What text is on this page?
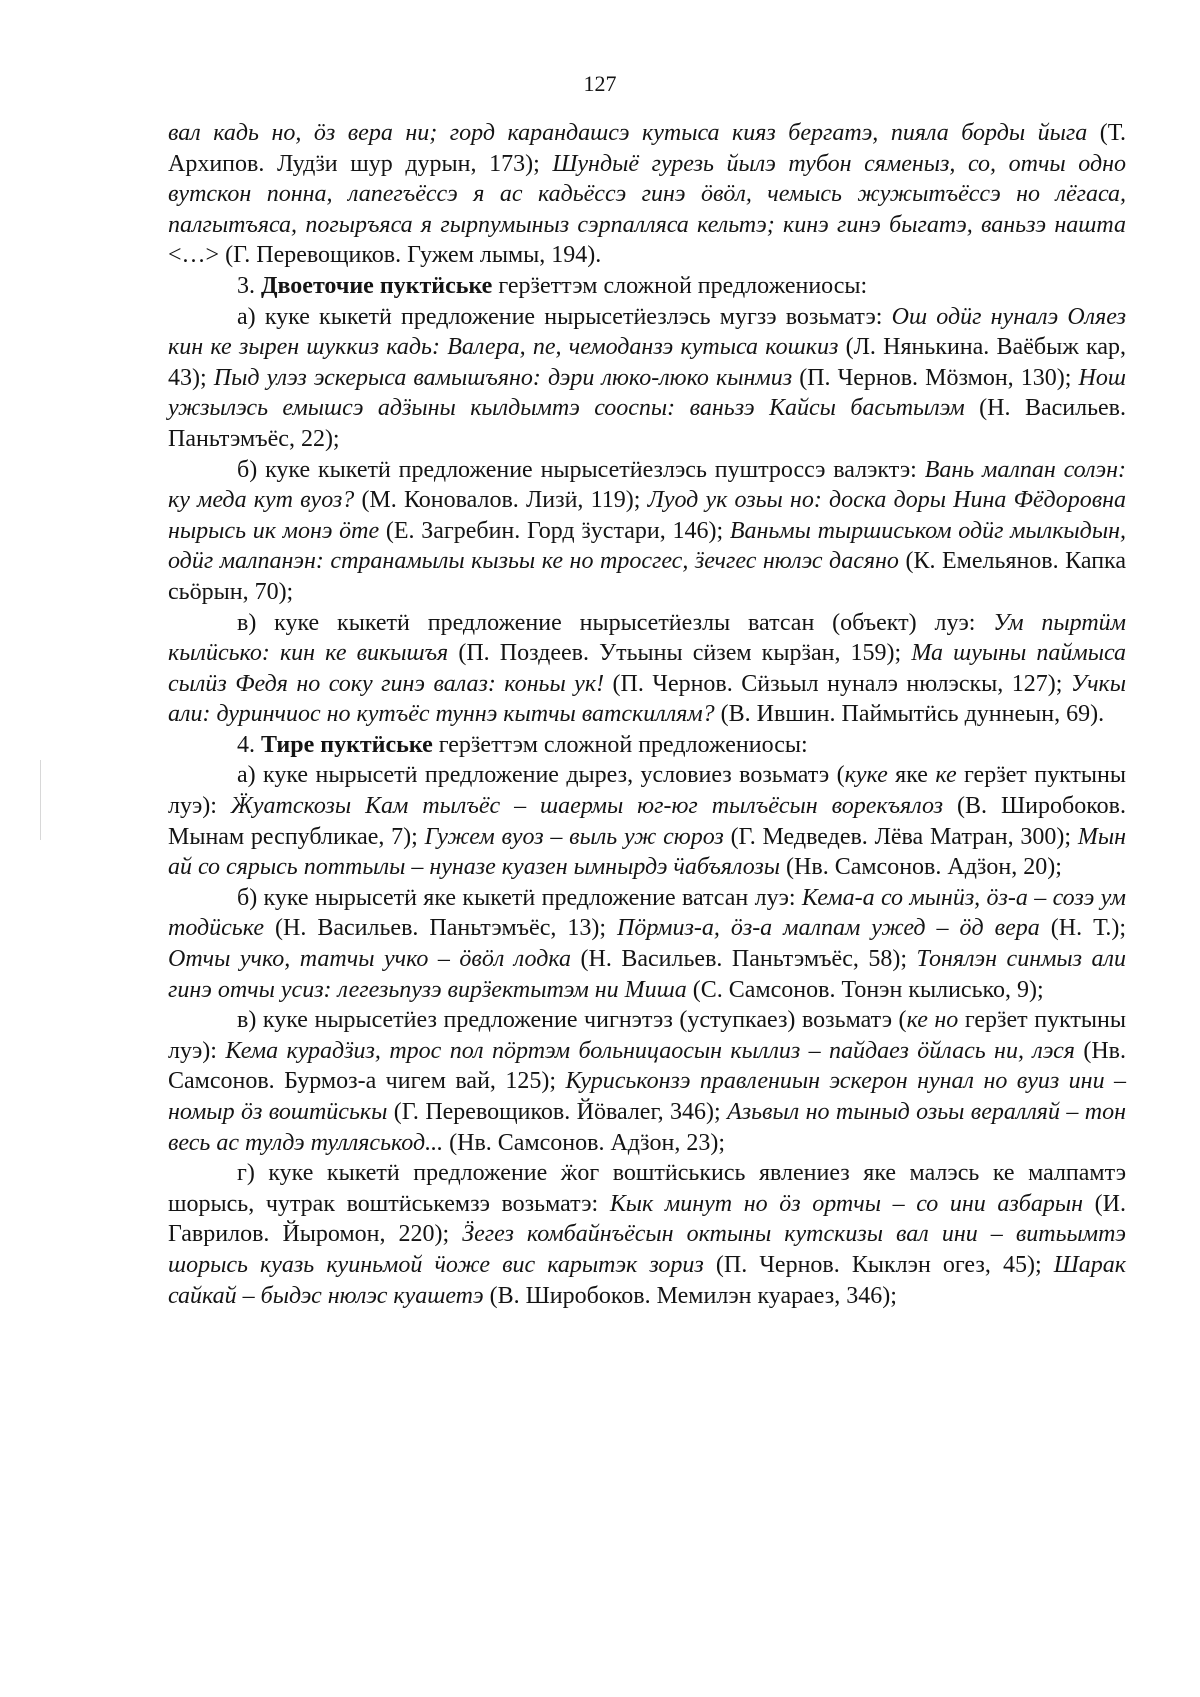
127

вал кадь но, öз вера ни; горд карандашсэ кутыса кияз бергатэ, пияла борды йыга (Т. Архипов. Лудӟи шур дурын, 173); Шундыё гурезь йылэ тубон сяменыз, со, отчы одно вутскон понна, лапегъёссэ я ас кадьёссэ гинэ öвöл, чемысь жужытъёссэ но лёгаса, палгытъяса, погыръяса я гырпумыныз сэрпалляса кельтэ; кинэ гинэ быгатэ, ваньзэ нашта <…> (Г. Перевощиков. Гужем лымы, 194).

3. Двоеточие пуктӥське герӟеттэм сложной предложениосы:

а) куке кыкетӥ предложение нырысетӥезлэсь мугзэ возьматэ: Ош одӥг нуналэ Оляез кин ке зырен шуккиз кадь: Валера, пе, чемоданзэ кутыса кошкиз (Л. Нянькина. Ваёбыж кар, 43); Пыд улэз эскерыса вамышъяно: дэри люко-люко кынмиз (П. Чернов. Мöзмон, 130); Нош ужзылэсь емышсэ адӟыны кылдымтэ сооспы: ваньзэ Кайсы басьтылэм (Н. Васильев. Паньтэмъёс, 22);

б) куке кыкетӥ предложение нырысетӥезлэсь пуштроссэ валэктэ: Вань малпан солэн: ку меда кут вуоз? (М. Коновалов. Лизӥ, 119); Луод ук озьы но: доска доры Нина Фёдоровна нырысь ик монэ öте (Е. Загребин. Горд ӟустари, 146); Ваньмы тыршиськом одӥг мылкыдын, одӥг малпанэн: странамылы кызьы ке но тросгес, ӟечгес нюлэс дасяно (К. Емельянов. Капка сьöрын, 70);

в) куке кыкетӥ предложение нырысетӥезлы ватсан (объект) луэ: Ум пыртӥм кылӥсько: кин ке викышъя (П. Поздеев. Утьыны сӥзем кырӟан, 159); Ма шуыны паймыса сылӥз Федя но соку гинэ валаз: коньы ук! (П. Чернов. Сӥзьыл нуналэ нюлэскы, 127); Учкы али: дуринчиос но кутъёс туннэ кытчы ватскиллям? (В. Ившин. Паймытӥсь дуннеын, 69).

4. Тире пуктӥське герӟеттэм сложной предложениосы:

а) куке нырысетӥ предложение дырез, условиез возьматэ (куке яке ке герӟет пуктыны луэ): Ӝуатскозы Кам тылъёс – шаермы юг-юг тылъёсын ворекъялоз (В. Широбоков. Мынам республикае, 7); Гужем вуоз – выль уж сюроз (Г. Медведев. Лёва Матран, 300); Мын ай со сярысь поттылы – нуназе куазен ымнырдэ ӵабъялозы (Нв. Самсонов. Адӟон, 20);

б) куке нырысетӥ яке кыкетӥ предложение ватсан луэ: Кема-а со мынӥз, öз-а – созэ ум тодӥське (Н. Васильев. Паньтэмъёс, 13); Пöрмиз-а, öз-а малпам ужед – öд вера (Н. Т.); Отчы учко, татчы учко – öвöл лодка (Н. Васильев. Паньтэмъёс, 58); Тонялэн синмыз али гинэ отчы усиз: легезьпузэ вирӟектытэм ни Миша (С. Самсонов. Тонэн кылисько, 9);

в) куке нырысетӥез предложение чигнэтэз (уступкаез) возьматэ (ке но герӟет пуктыны луэ): Кема курадӟиз, трос пол пöртэм больницаосын кыллиз – пайдаез öйлась ни, лэся (Нв. Самсонов. Бурмоз-а чигем вай, 125); Куриськонзэ правлениын эскерон нунал но вуиз ини – номыр öз воштӥськы (Г. Перевощиков. Йöвалег, 346); Азьвыл но тыныд озьы вералляй – тон весь ас тулдэ тулляськод... (Нв. Самсонов. Адӟон, 23);

г) куке кыкетӥ предложение ӝог воштӥськись явлениез яке малэсь ке малпамтэ шорысь, чутрак воштӥськемзэ возьматэ: Кык минут но öз ортчы – со ини азбарын (И. Гаврилов. Йыромон, 220); Ӟегез комбайнъёсын октыны кутскизы вал ини – витьымтэ шорысь куазь куиньмой ӵоже вис карытэк зориз (П. Чернов. Кыклэн огез, 45); Шарак сайкай – быдэс нюлэс куашетэ (В. Широбоков. Мемилэн куараез, 346);
